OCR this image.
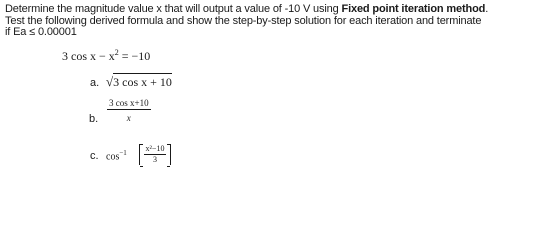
Determine the magnitude value x that will output a value of -10 V using Fixed point iteration method.
Test the following derived formula and show the step-by-step solution for each iteration and terminate
if Ea ≤ 0.00001
3 $\cos x - x^2 = -10$
a. √3 cos x + 10
b. $\frac{\text{3 cos x+10}}{x}$
c. $\cos^{-1} \frac{\text{x²−10}}{3}$
